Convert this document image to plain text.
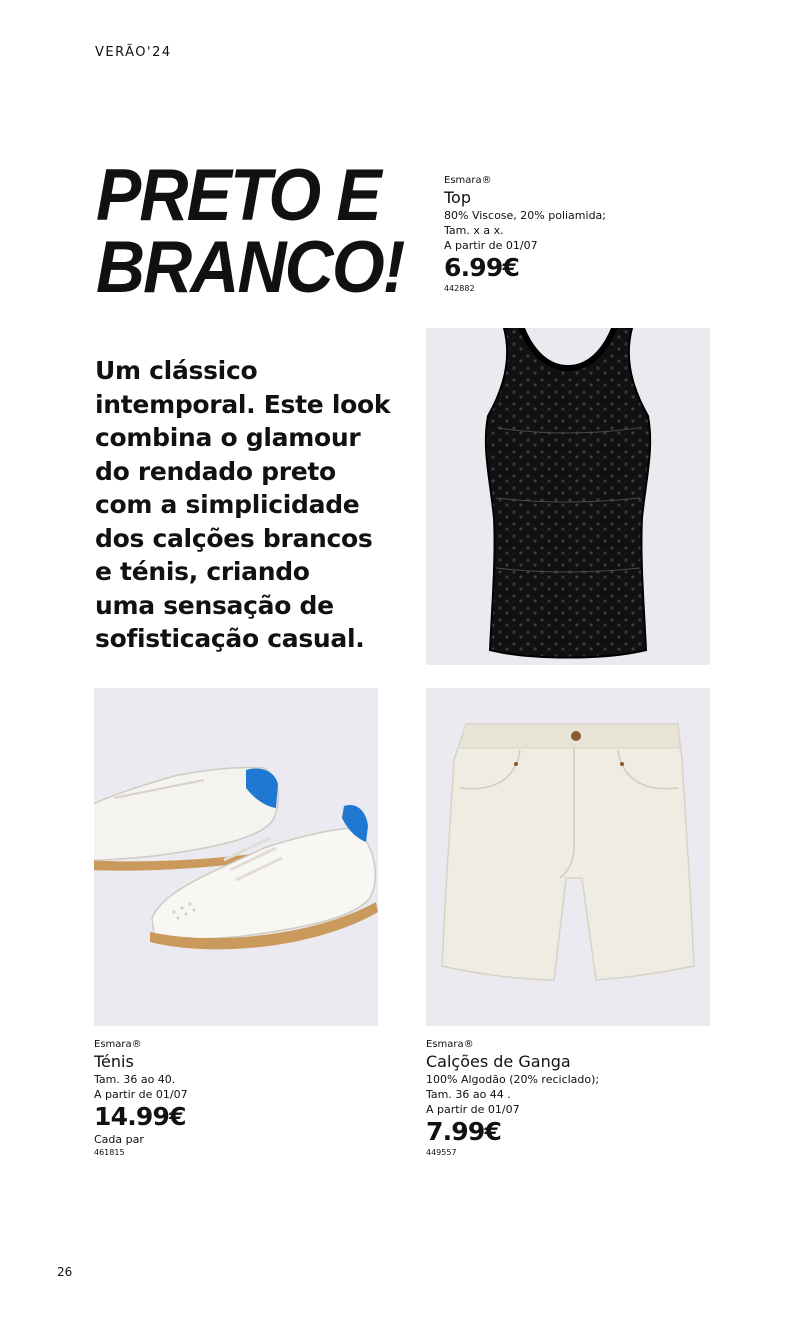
VERÃO'24
PRETO E
BRANCO!
Esmara®
Top
80% Viscose, 20% poliamida;
Tam. x a x.
A partir de 01/07
6.99€
442882

Um clássico
intemporal. Este look
combina o glamour
do rendado preto
com a simplicidade
dos calções brancos
e ténis, criando
uma sensação de
sofisticação casual.

Esmara®
Ténis
Tam. 36 ao 40.
A partir de 01/07
14.99€
Cada par
461815
Esmara®
Calções de Ganga
100% Algodão (20% reciclado);
Tam. 36 ao 44 .
A partir de 01/07
7.99€
449557
26
